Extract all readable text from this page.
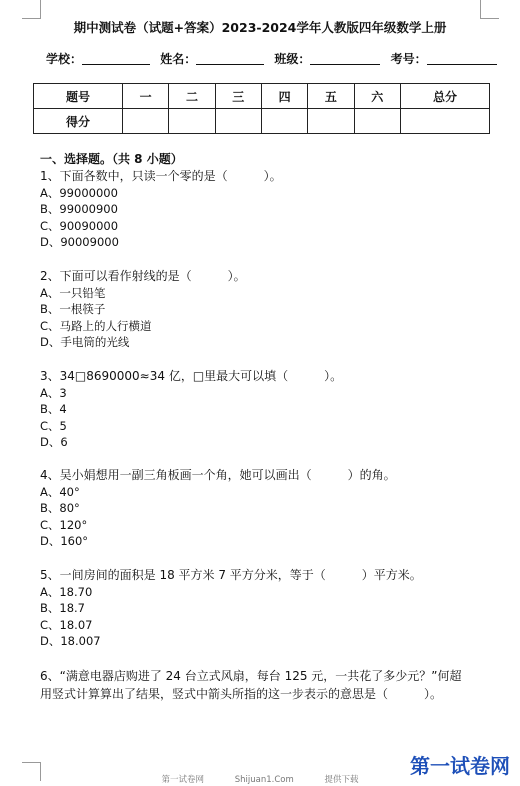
期中测试卷（试题+答案）2023-2024学年人教版四年级数学上册
学校：	姓名：	班级：	考号：
题号	一	二	三	四	五	六	总分
得分							
一、选择题。（共 8 小题）
1、下面各数中，只读一个零的是（　　　）。
A、99000000
B、99000900
C、90090000
D、90009000
2、下面可以看作射线的是（　　　）。
A、一只铅笔
B、一根筷子
C、马路上的人行横道
D、手电筒的光线
3、34□8690000≈34 亿，□里最大可以填（　　　）。
A、3
B、4
C、5
D、6
4、吴小娟想用一副三角板画一个角，她可以画出（　　　）的角。
A、40°
B、80°
C、120°
D、160°
5、一间房间的面积是 18 平方米 7 平方分米，等于（　　　）平方米。
A、18.70
B、18.7
C、18.07
D、18.007
6、“满意电器店购进了 24 台立式风扇，每台 125 元，一共花了多少元？”何超
用竖式计算算出了结果，竖式中箭头所指的这一步表示的意思是（　　　）。
第一试卷网	Shijuan1.Com	提供下载
第一试卷网
